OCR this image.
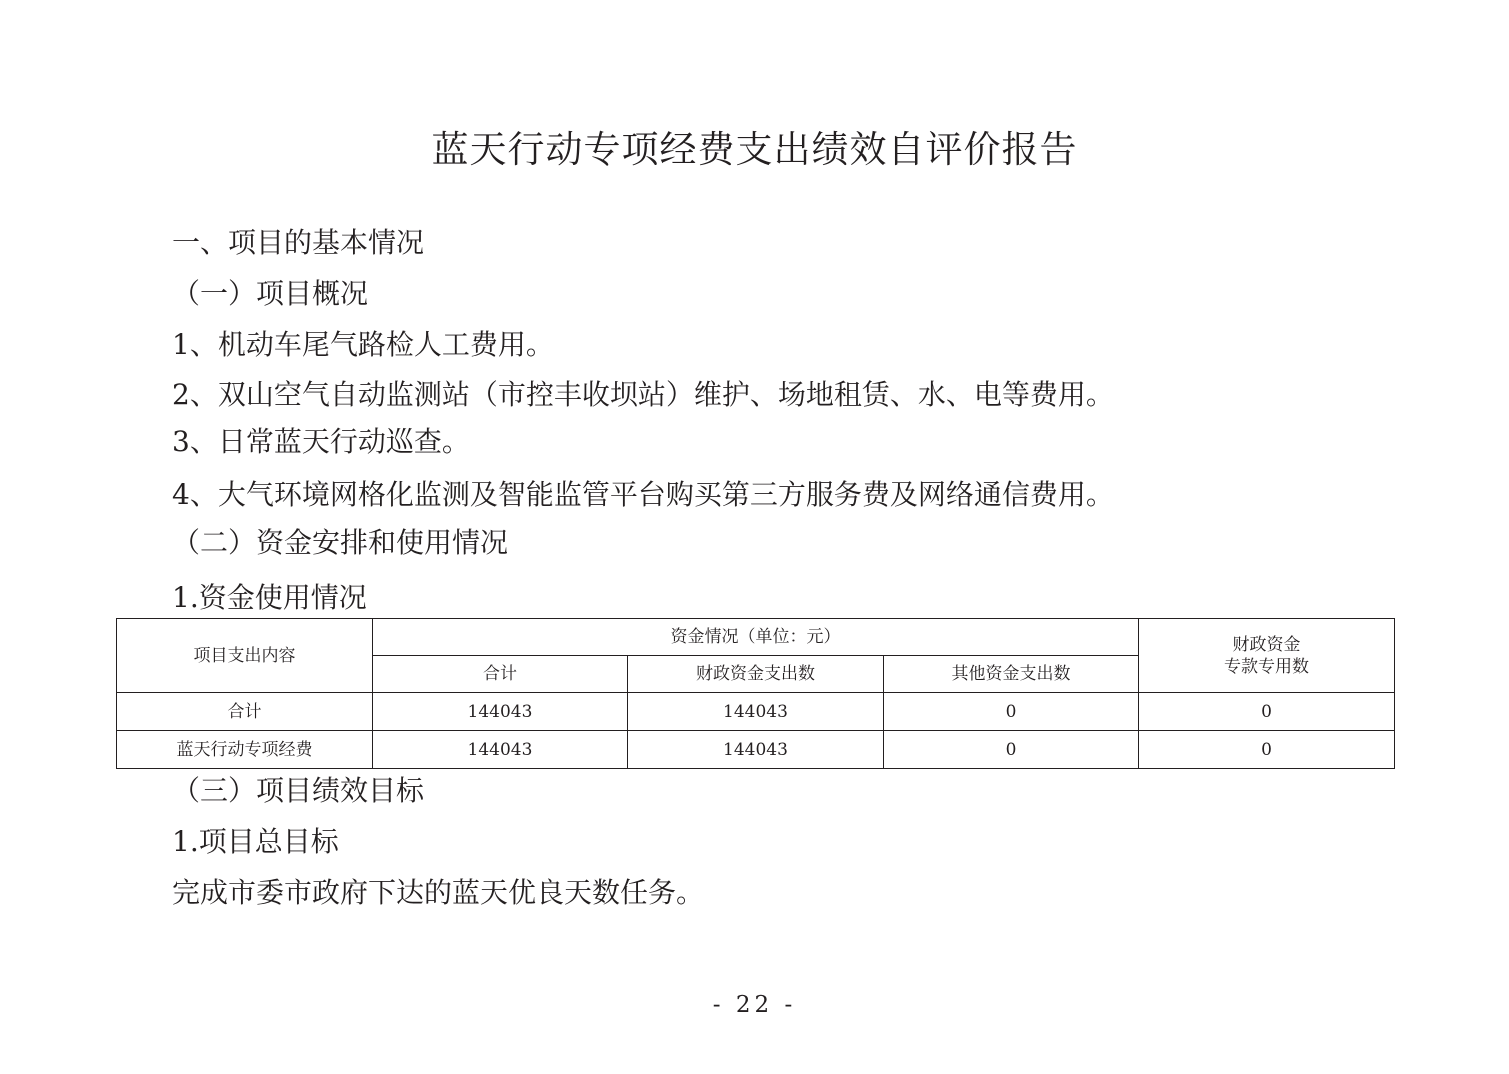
蓝天行动专项经费支出绩效自评价报告

一、项目的基本情况

（一）项目概况

1、机动车尾气路检人工费用。

2、双山空气自动监测站（市控丰收坝站）维护、场地租赁、水、电等费用。

3、日常蓝天行动巡查。

4、大气环境网格化监测及智能监管平台购买第三方服务费及网络通信费用。

（二）资金安排和使用情况

1.资金使用情况

项目支出内容	资金情况（单位：元）			财政资金
专款专用数

	合计	财政资金支出数	其他资金支出数	
合计	144043	144043	0	0
蓝天行动专项经费	144043	144043	0	0

（三）项目绩效目标

1.项目总目标

完成市委市政府下达的蓝天优良天数任务。

- 22 -
